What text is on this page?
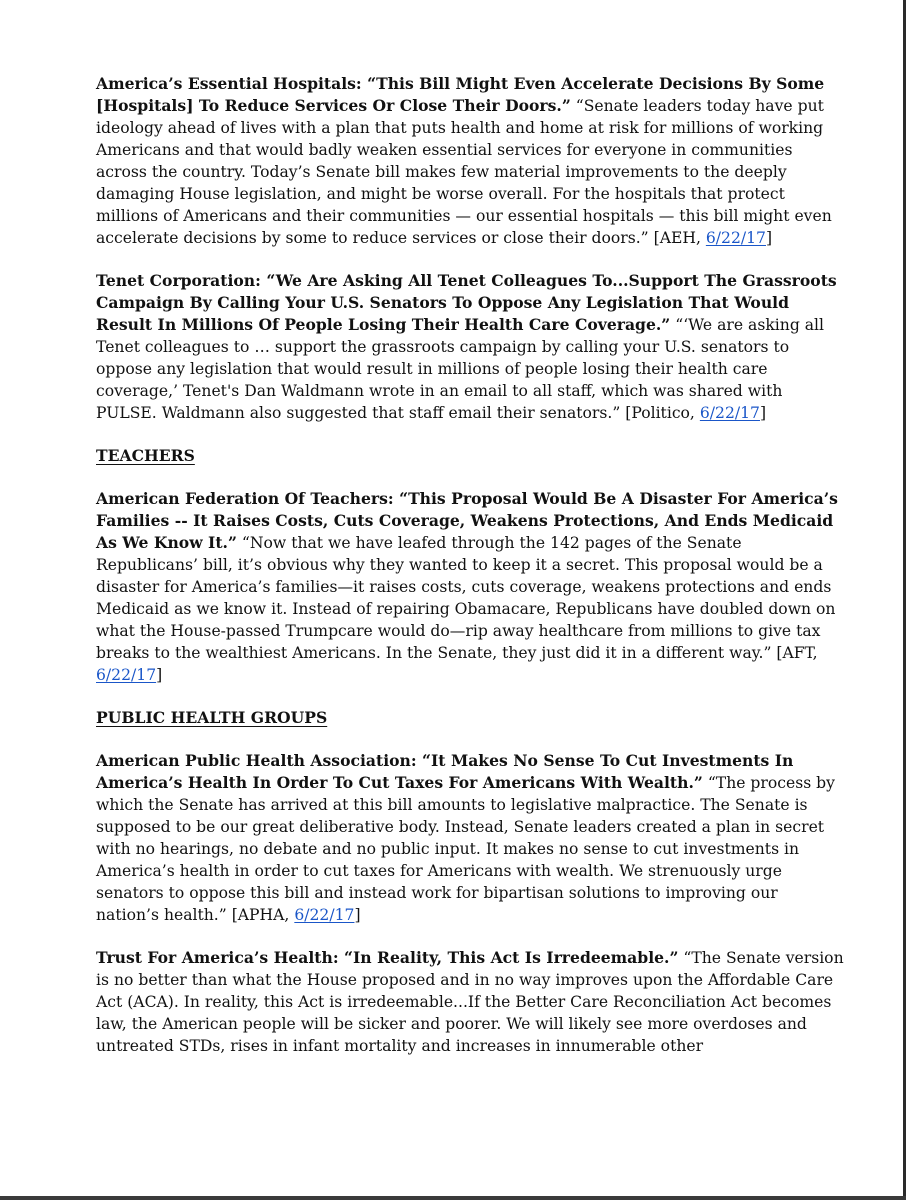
America’s Essential Hospitals: “This Bill Might Even Accelerate Decisions By Some [Hospitals] To Reduce Services Or Close Their Doors.” “Senate leaders today have put ideology ahead of lives with a plan that puts health and home at risk for millions of working Americans and that would badly weaken essential services for everyone in communities across the country. Today’s Senate bill makes few material improvements to the deeply damaging House legislation, and might be worse overall. For the hospitals that protect millions of Americans and their communities — our essential hospitals — this bill might even accelerate decisions by some to reduce services or close their doors.” [AEH, 6/22/17]

Tenet Corporation: “We Are Asking All Tenet Colleagues To...Support The Grassroots Campaign By Calling Your U.S. Senators To Oppose Any Legislation That Would Result In Millions Of People Losing Their Health Care Coverage.” “‘We are asking all Tenet colleagues to … support the grassroots campaign by calling your U.S. senators to oppose any legislation that would result in millions of people losing their health care coverage,’ Tenet's Dan Waldmann wrote in an email to all staff, which was shared with PULSE. Waldmann also suggested that staff email their senators.” [Politico, 6/22/17]

TEACHERS

American Federation Of Teachers: “This Proposal Would Be A Disaster For America’s Families -- It Raises Costs, Cuts Coverage, Weakens Protections, And Ends Medicaid As We Know It.” “Now that we have leafed through the 142 pages of the Senate Republicans’ bill, it’s obvious why they wanted to keep it a secret. This proposal would be a disaster for America’s families—it raises costs, cuts coverage, weakens protections and ends Medicaid as we know it. Instead of repairing Obamacare, Republicans have doubled down on what the House-passed Trumpcare would do—rip away healthcare from millions to give tax breaks to the wealthiest Americans. In the Senate, they just did it in a different way.” [AFT, 6/22/17]

PUBLIC HEALTH GROUPS

American Public Health Association: “It Makes No Sense To Cut Investments In America’s Health In Order To Cut Taxes For Americans With Wealth.” “The process by which the Senate has arrived at this bill amounts to legislative malpractice. The Senate is supposed to be our great deliberative body. Instead, Senate leaders created a plan in secret with no hearings, no debate and no public input. It makes no sense to cut investments in America’s health in order to cut taxes for Americans with wealth. We strenuously urge senators to oppose this bill and instead work for bipartisan solutions to improving our nation’s health.” [APHA, 6/22/17]

Trust For America’s Health: “In Reality, This Act Is Irredeemable.” “The Senate version is no better than what the House proposed and in no way improves upon the Affordable Care Act (ACA). In reality, this Act is irredeemable...If the Better Care Reconciliation Act becomes law, the American people will be sicker and poorer. We will likely see more overdoses and untreated STDs, rises in infant mortality and increases in innumerable other
